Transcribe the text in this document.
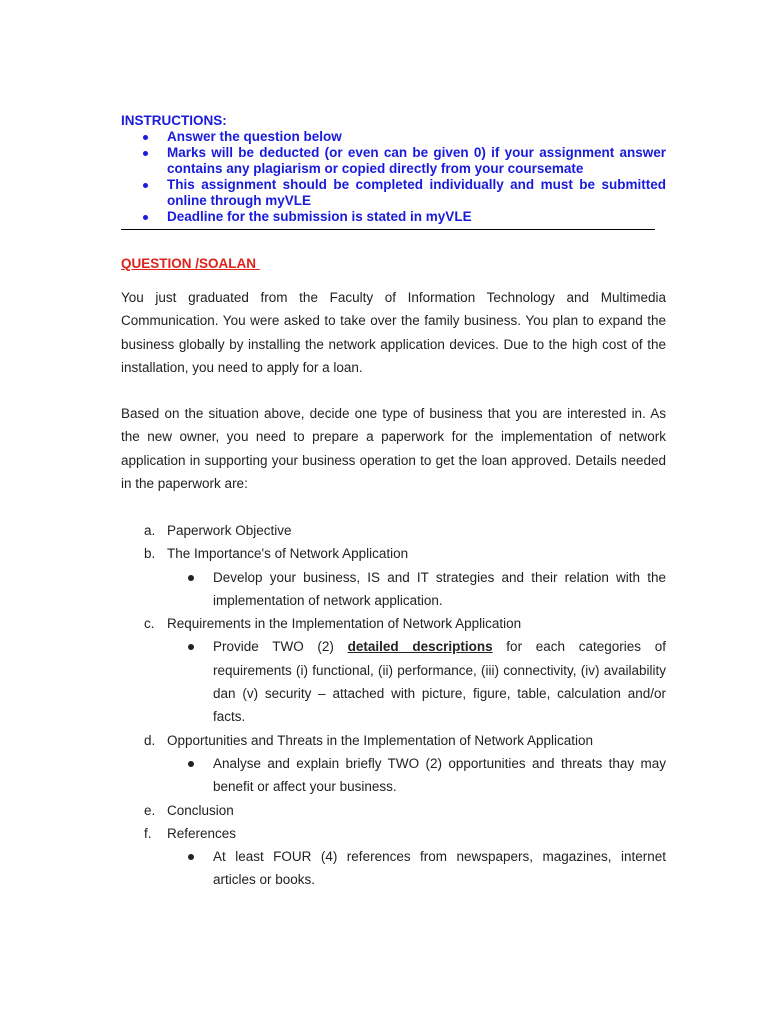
INSTRUCTIONS:
Answer the question below
Marks will be deducted (or even can be given 0) if your assignment answer contains any plagiarism or copied directly from your coursemate
This assignment should be completed individually and must be submitted online through myVLE
Deadline for the submission is stated in myVLE
QUESTION /SOALAN
You just graduated from the Faculty of Information Technology and Multimedia Communication. You were asked to take over the family business. You plan to expand the business globally by installing the network application devices. Due to the high cost of the installation, you need to apply for a loan.
Based on the situation above, decide one type of business that you are interested in. As the new owner, you need to prepare a paperwork for the implementation of network application in supporting your business operation to get the loan approved. Details needed in the paperwork are:
a. Paperwork Objective
b. The Importance's of Network Application
Develop your business, IS and IT strategies and their relation with the implementation of network application.
c. Requirements in the Implementation of Network Application
Provide TWO (2) detailed descriptions for each categories of requirements (i) functional, (ii) performance, (iii) connectivity, (iv) availability dan (v) security – attached with picture, figure, table, calculation and/or facts.
d. Opportunities and Threats in the Implementation of Network Application
Analyse and explain briefly TWO (2) opportunities and threats thay may benefit or affect your business.
e. Conclusion
f. References
At least FOUR (4) references from newspapers, magazines, internet articles or books.
